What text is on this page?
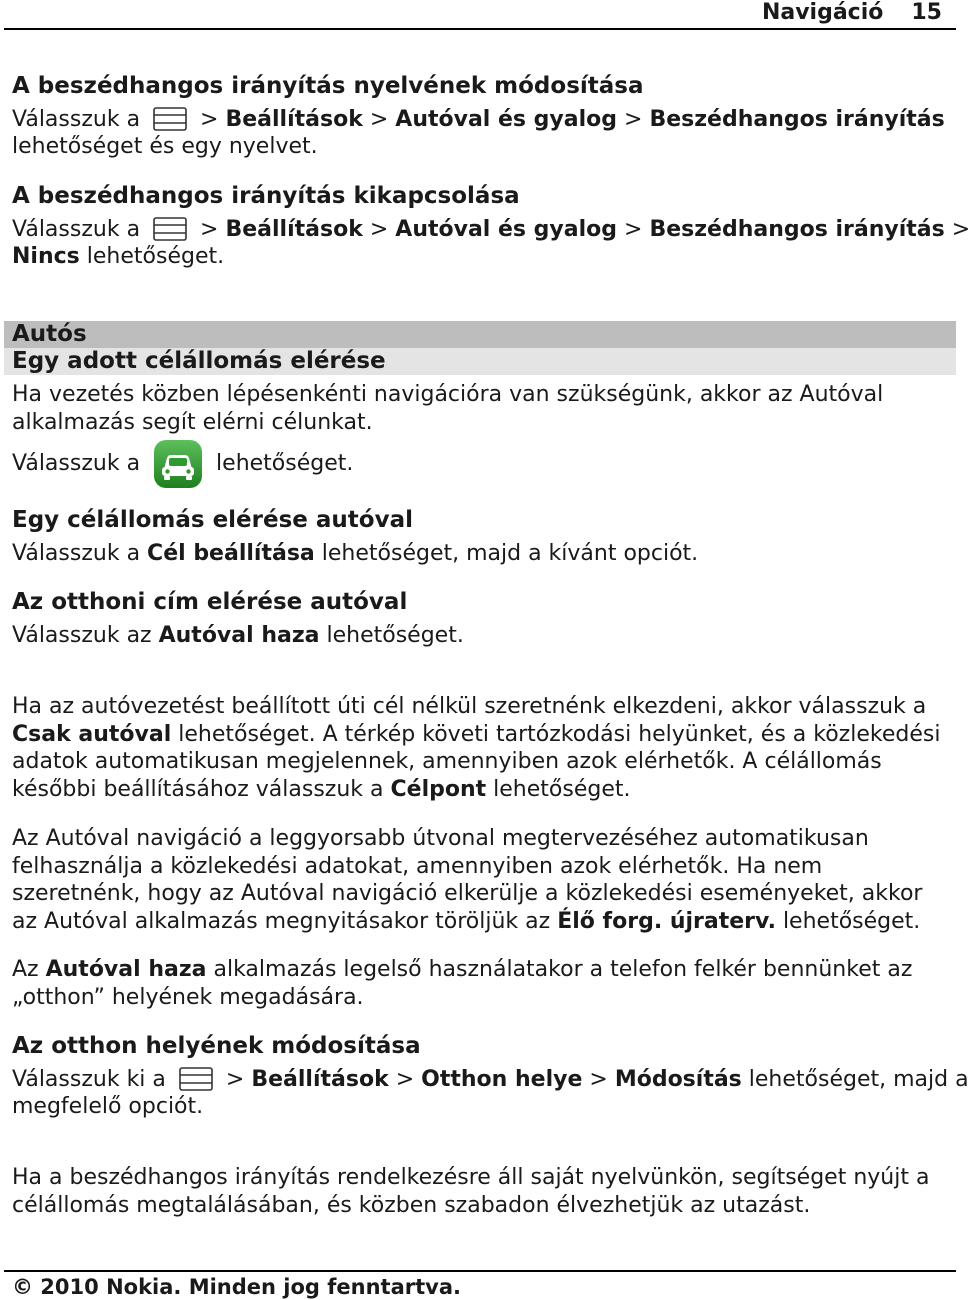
Navigáció 15
A beszédhangos irányítás nyelvének módosítása
Válasszuk a	> Beállítások > Autóval és gyalog > Beszédhangos irányítás
lehetőséget és egy nyelvet.
A beszédhangos irányítás kikapcsolása
Válasszuk a	> Beállítások > Autóval és gyalog > Beszédhangos irányítás >
Nincs lehetőséget.
Autós
Egy adott célállomás elérése
Ha vezetés közben lépésenkénti navigációra van szükségünk, akkor az Autóval alkalmazás segít elérni célunkat.
Válasszuk a	lehetőséget.
Egy célállomás elérése autóval
Válasszuk a Cél beállítása lehetőséget, majd a kívánt opciót.
Az otthoni cím elérése autóval
Válasszuk az Autóval haza lehetőséget.
Ha az autóvezetést beállított úti cél nélkül szeretnénk elkezdeni, akkor válasszuk a Csak autóval lehetőséget. A térkép követi tartózkodási helyünket, és a közlekedési adatok automatikusan megjelennek, amennyiben azok elérhetők. A célállomás későbbi beállításához válasszuk a Célpont lehetőséget.
Az Autóval navigáció a leggyorsabb útvonal megtervezéséhez automatikusan felhasználja a közlekedési adatokat, amennyiben azok elérhetők. Ha nem szeretnénk, hogy az Autóval navigáció elkerülje a közlekedési eseményeket, akkor az Autóval alkalmazás megnyitásakor töröljük az Élő forg. újraterv. lehetőséget.
Az Autóval haza alkalmazás legelső használatakor a telefon felkér bennünket az „otthon” helyének megadására.
Az otthon helyének módosítása
Válasszuk ki a	> Beállítások > Otthon helye > Módosítás lehetőséget, majd a
megfelelő opciót.
Ha a beszédhangos irányítás rendelkezésre áll saját nyelvünkön, segítséget nyújt a célállomás megtalálásában, és közben szabadon élvezhetjük az utazást.
© 2010 Nokia. Minden jog fenntartva.
